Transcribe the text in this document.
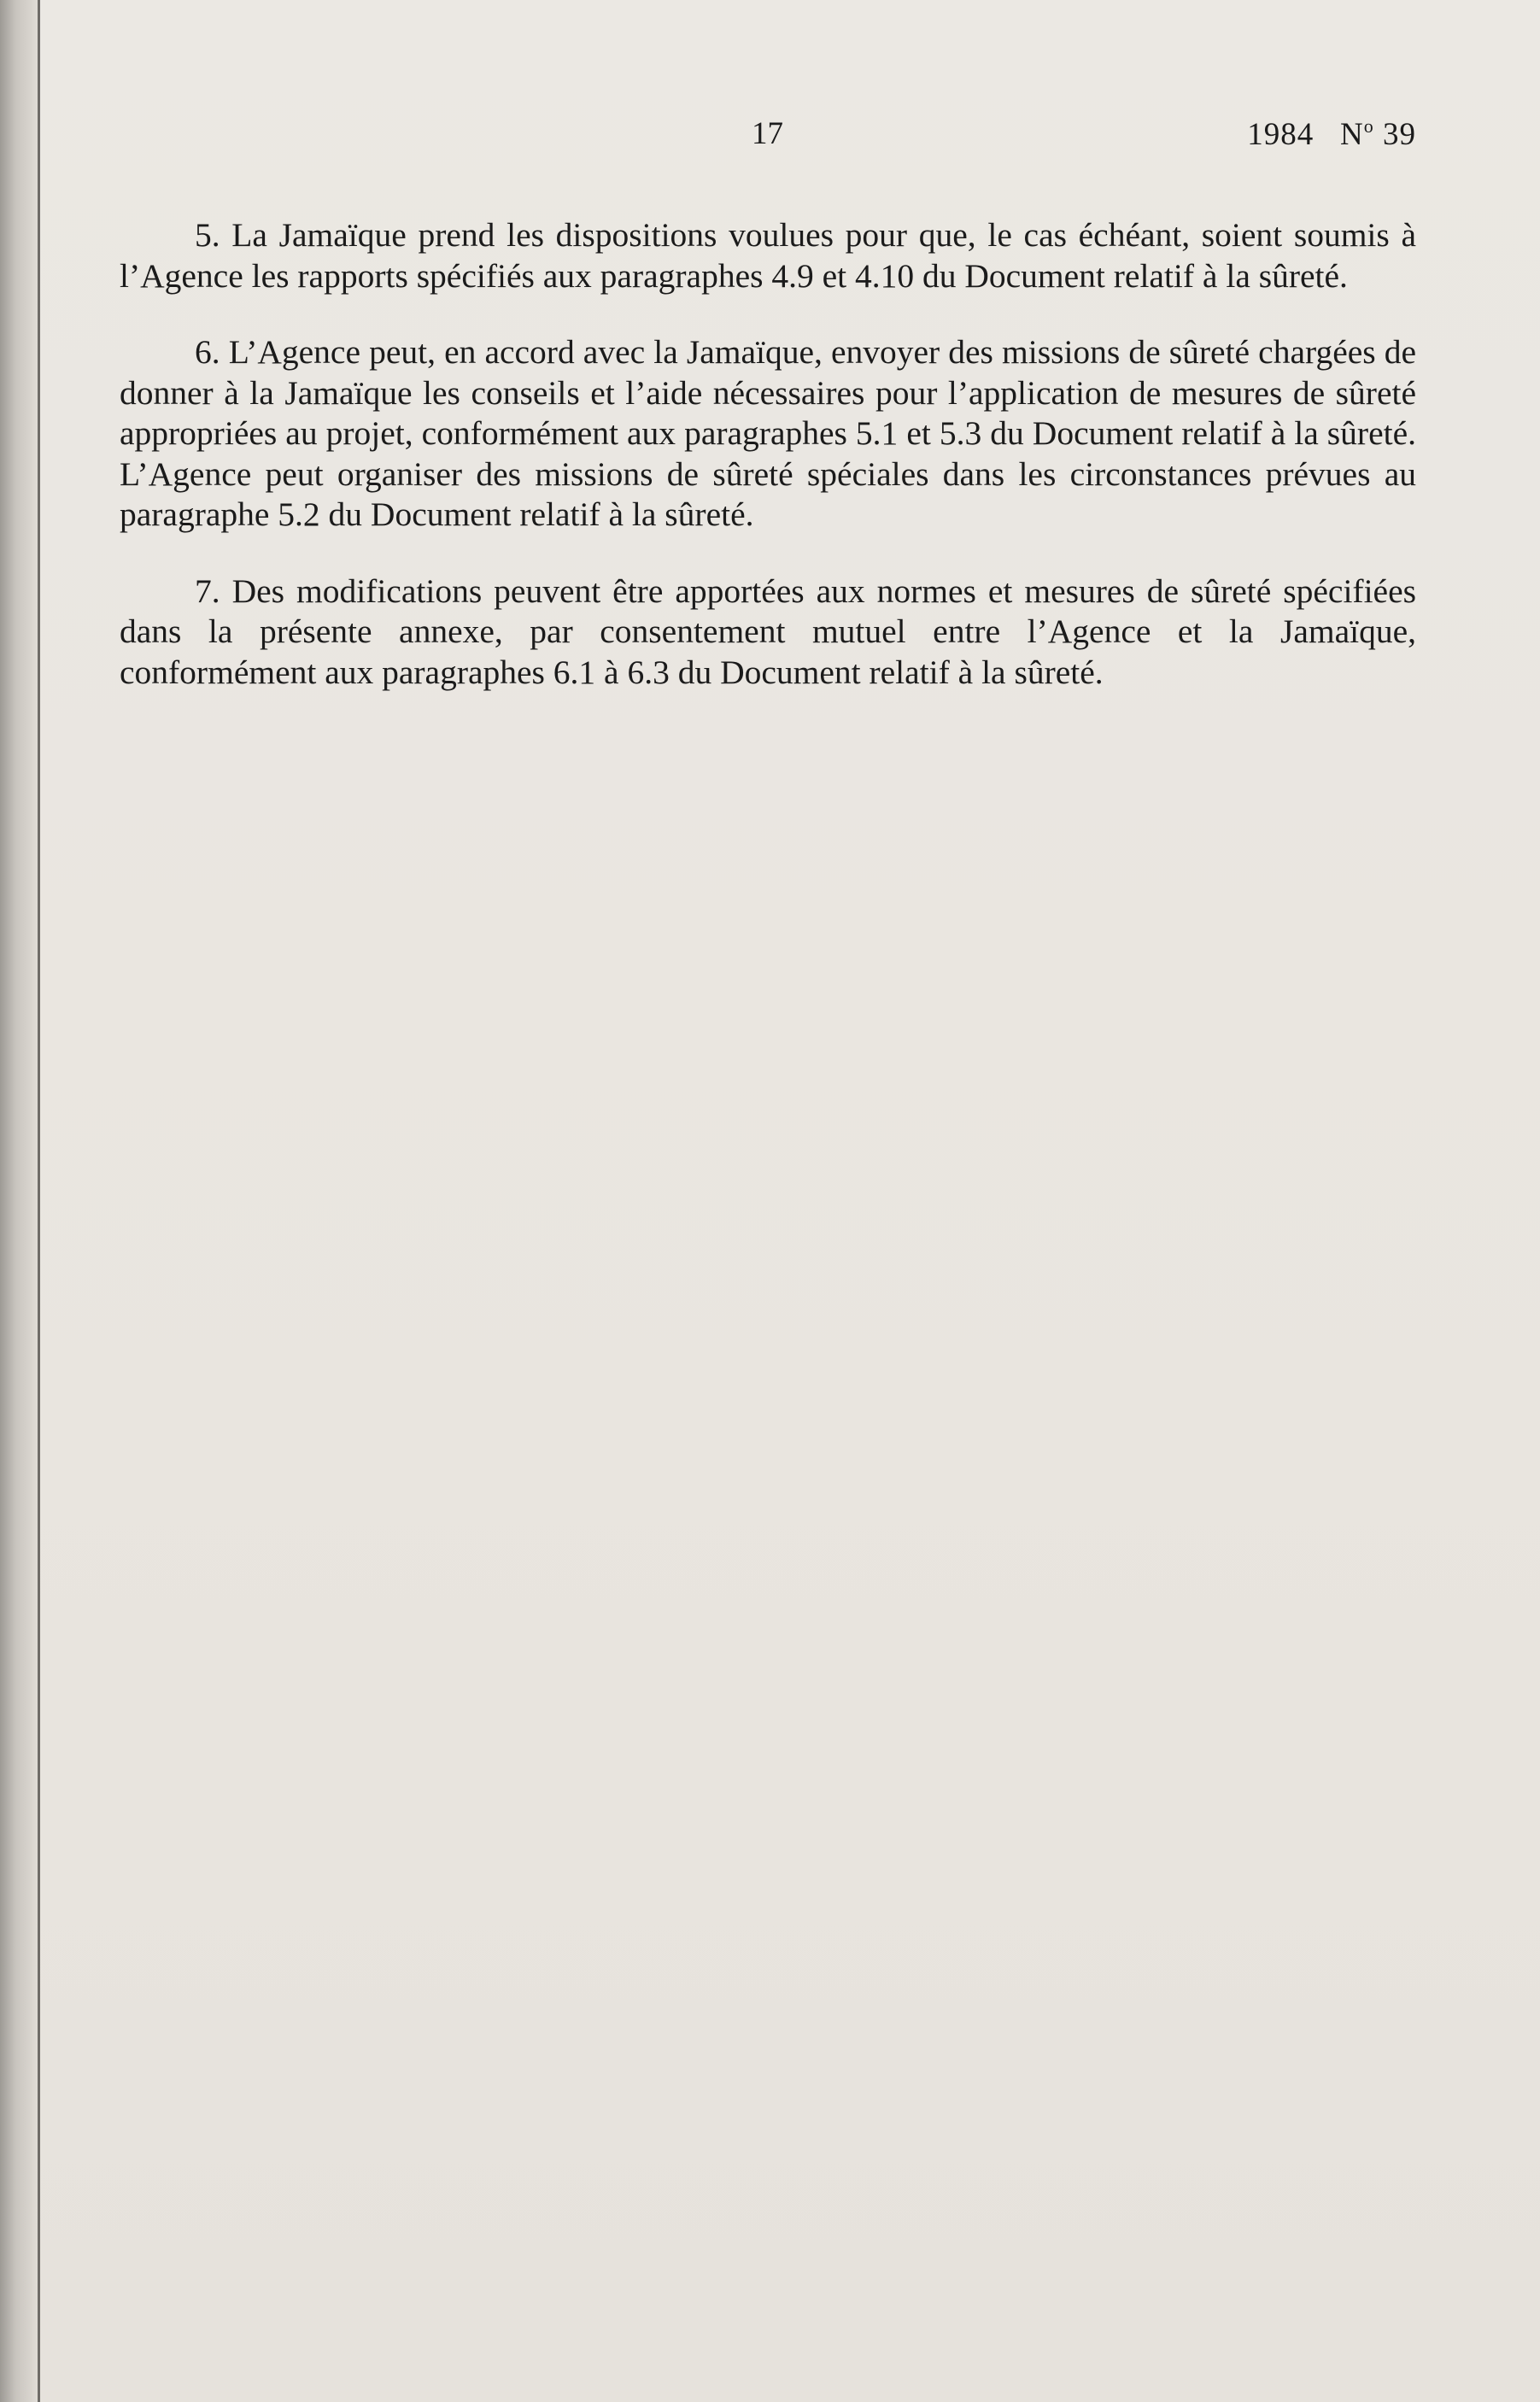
17	1984 $N^o$ 39

5. La Jamaïque prend les dispositions voulues pour que, le cas échéant, soient soumis à l’Agence les rapports spécifiés aux paragraphes 4.9 et 4.10 du Document relatif à la sûreté.

6. L’Agence peut, en accord avec la Jamaïque, envoyer des missions de sûreté chargées de donner à la Jamaïque les conseils et l’aide nécessaires pour l’application de mesures de sûreté appropriées au projet, conformément aux paragraphes 5.1 et 5.3 du Document relatif à la sûreté. L’Agence peut organiser des missions de sûreté spéciales dans les circonstances prévues au paragraphe 5.2 du Document relatif à la sûreté.

7. Des modifications peuvent être apportées aux normes et mesures de sûreté spécifiées dans la présente annexe, par consentement mutuel entre l’Agence et la Jamaïque, conformément aux paragraphes 6.1 à 6.3 du Document relatif à la sûreté.
